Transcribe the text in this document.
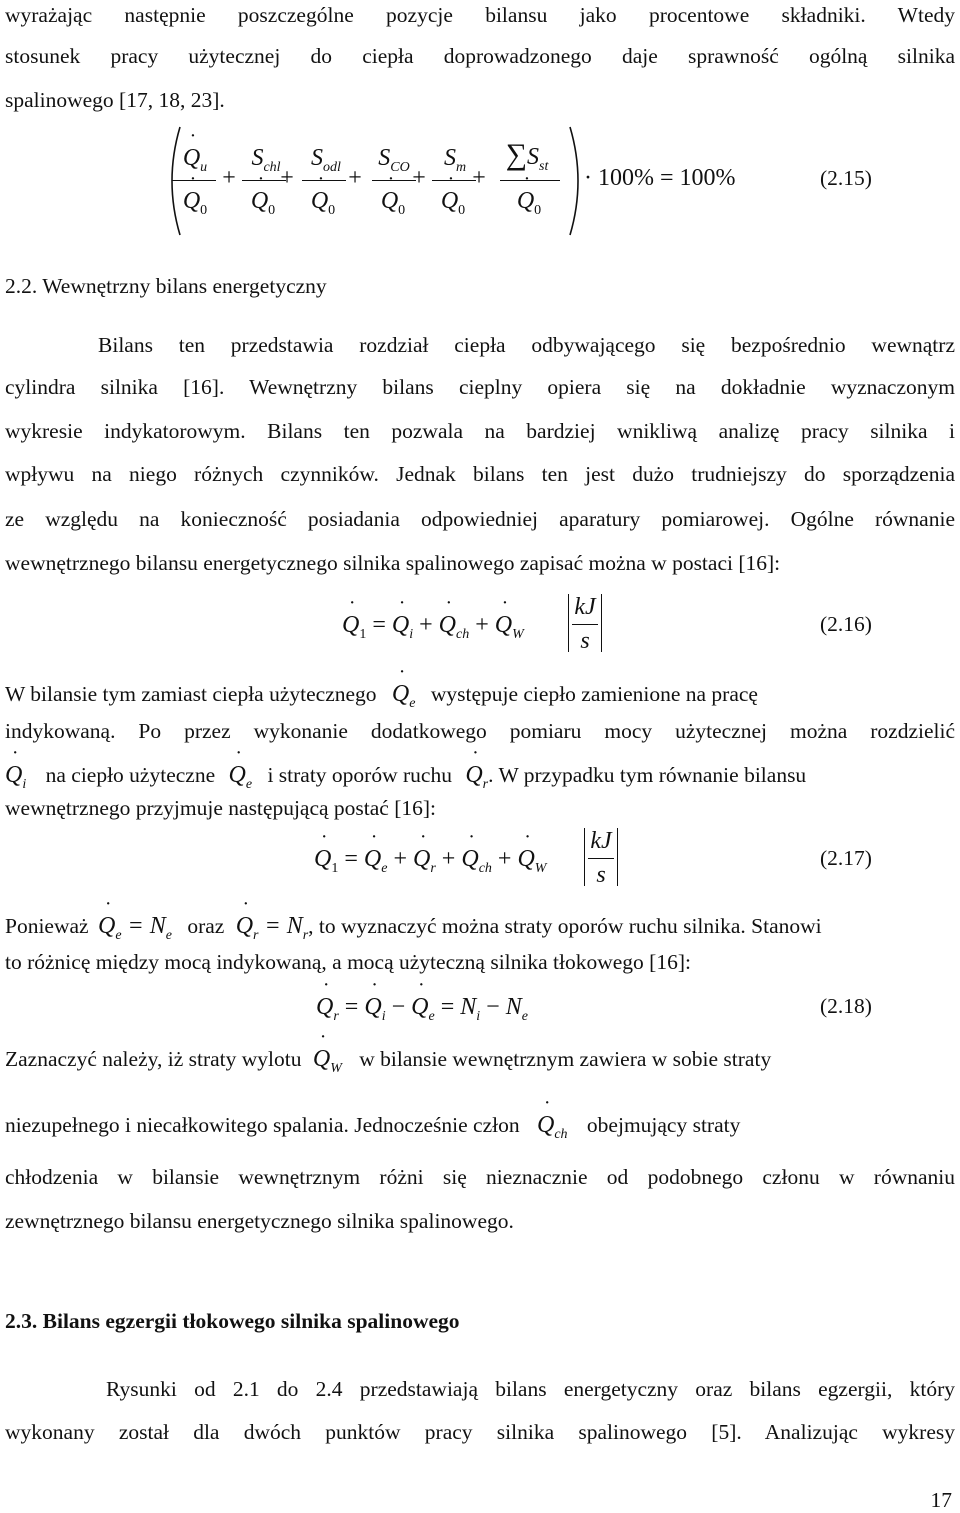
wyrażając następnie poszczególne pozycje bilansu jako procentowe składniki. Wtedy
stosunek pracy użytecznej do ciepła doprowadzonego daje sprawność ogólną silnika
spalinowego [17, 18, 23].
˙ $Q_u$
˙ $Q_0$
+
$S_{chl}$
˙ $Q_0$
+
$S_{odl}$
˙ $Q_0$
+
$S_{CO}$
˙ $Q_0$
+
$S_m$
˙ $Q_0$
+
$\sum S_{st}$
˙ $Q_0$
· 100% = 100%	(2.15)
2.2. Wewnętrzny bilans energetyczny
Bilans ten przedstawia rozdział ciepła odbywającego się bezpośrednio wewnątrz
cylindra silnika [16]. Wewnętrzny bilans cieplny opiera się na dokładnie wyznaczonym
wykresie indykatorowym. Bilans ten pozwala na bardziej wnikliwą analizę pracy silnika i
wpływu na niego różnych czynników. Jednak bilans ten jest dużo trudniejszy do sporządzenia
ze względu na konieczność posiadania odpowiedniej aparatury pomiarowej. Ogólne równanie
wewnętrznego bilansu energetycznego silnika spalinowego zapisać można w postaci [16]:
˙ $Q_1$ = ˙ $Q_i$ + ˙ $Q_{ch}$ + ˙ $Q_W$
kJ
s
(2.16)
W bilansie tym zamiast ciepła użytecznego ˙ $Q_e$ występuje ciepło zamienione na pracę
indykowaną. Po przez wykonanie dodatkowego pomiaru mocy użytecznej można rozdzielić
˙ $Q_i$ na ciepło użyteczne ˙ $Q_e$ i straty oporów ruchu ˙ $Q_r$. W przypadku tym równanie bilansu
wewnętrznego przyjmuje następującą postać [16]:
˙ $Q_1$ = ˙ $Q_e$ + ˙ $Q_r$ + ˙ $Q_{ch}$ + ˙ $Q_W$
kJ
s
(2.17)
Ponieważ ˙ $Q_e = N_e$ oraz ˙ $Q_r = N_r$, to wyznaczyć można straty oporów ruchu silnika. Stanowi
to różnicę między mocą indykowaną, a mocą użyteczną silnika tłokowego [16]:
˙ $Q_r$ = ˙ $Q_i$ − ˙ $Q_e = N_i - N_e$	(2.18)
Zaznaczyć należy, iż straty wylotu ˙ $Q_W$ w bilansie wewnętrznym zawiera w sobie straty
niezupełnego i niecałkowitego spalania. Jednocześnie człon ˙ $Q_{ch}$ obejmujący straty
chłodzenia w bilansie wewnętrznym różni się nieznacznie od podobnego członu w równaniu
zewnętrznego bilansu energetycznego silnika spalinowego.
2.3. Bilans egzergii tłokowego silnika spalinowego
Rysunki od 2.1 do 2.4 przedstawiają bilans energetyczny oraz bilans egzergii, który
wykonany został dla dwóch punktów pracy silnika spalinowego [5]. Analizując wykresy
17
